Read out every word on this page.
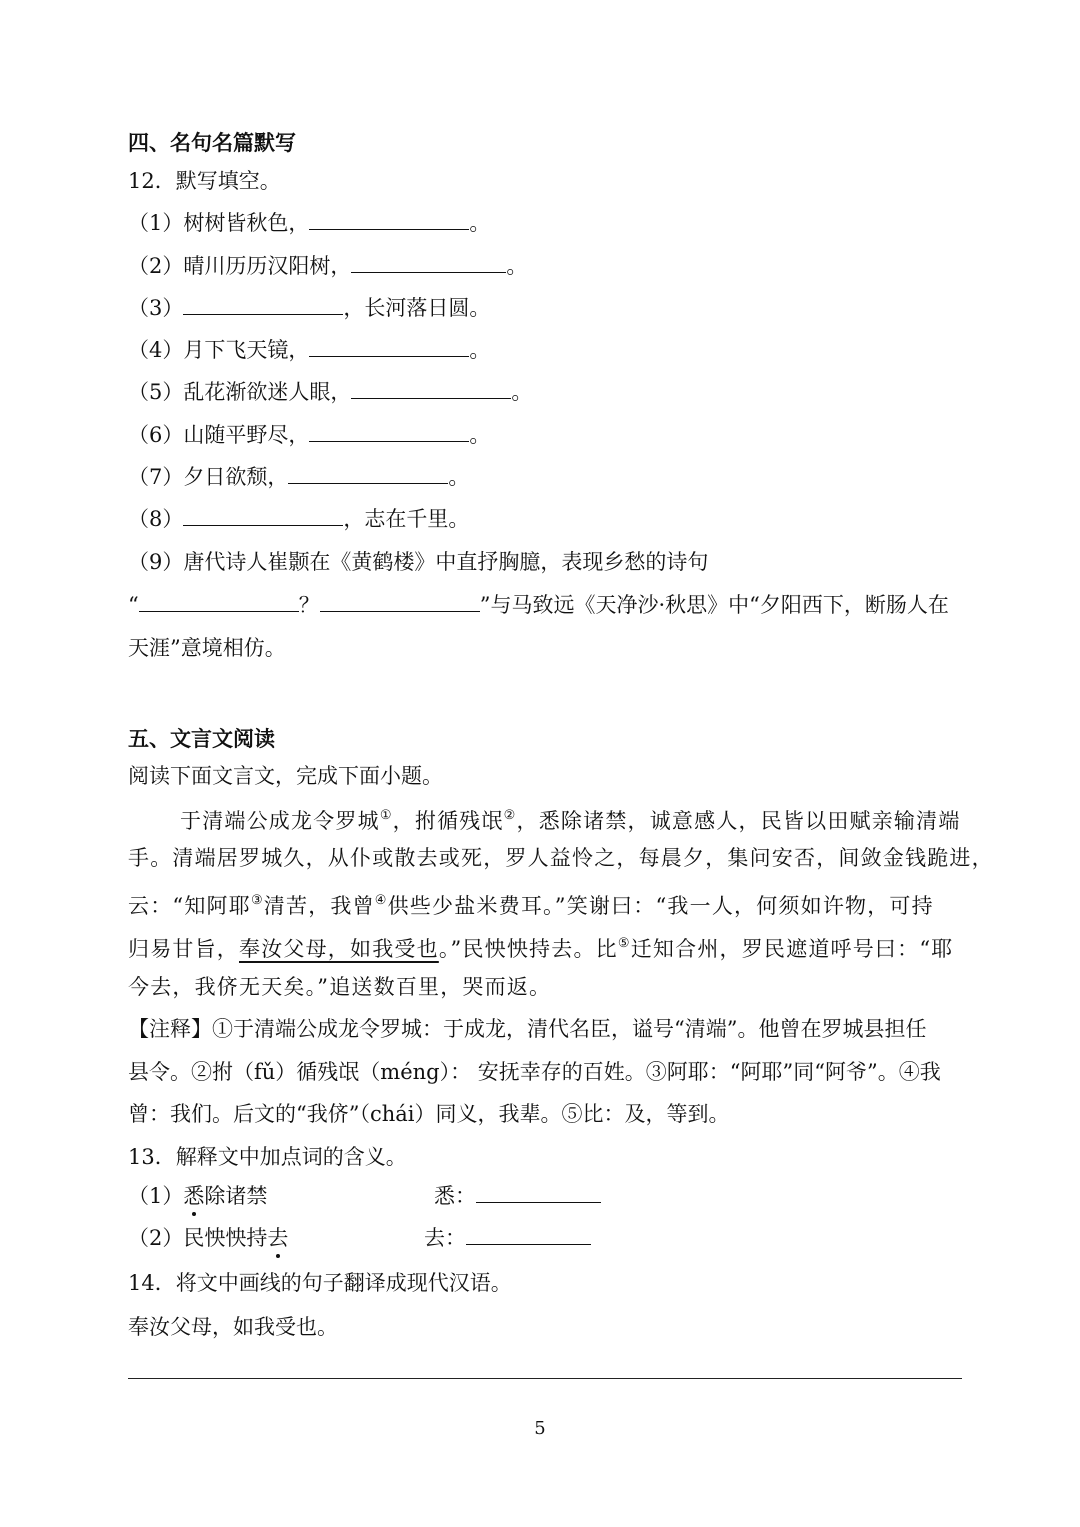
四、名句名篇默写
12．默写填空。
（1）树树皆秋色，	。
（2）晴川历历汉阳树，	。
（3）	，长河落日圆。
（4）月下飞天镜，	。
（5）乱花渐欲迷人眼，	。
（6）山随平野尽，	。
（7）夕日欲颓，	。
（8）	，志在千里。
（9）唐代诗人崔颢在《黄鹤楼》中直抒胸臆，表现乡愁的诗句
“	？	”与马致远《天净沙·秋思》中“夕阳西下，断肠人在
天涯”意境相仿。
五、文言文阅读
阅读下面文言文，完成下面小题。
于清端公成龙令罗城①，拊循残氓②，悉除诸禁，诚意感人，民皆以田赋亲输清端
手。清端居罗城久，从仆或散去或死，罗人益怜之，每晨夕，集问安否，间敛金钱跪进，
云：“知阿耶③清苦，我曾④供些少盐米费耳。”笑谢曰：“我一人，何须如许物，可持
归易甘旨，奉汝父母，如我受也。”民怏怏持去。比⑤迁知合州，罗民遮道呼号曰：“耶
今去，我侪无天矣。”追送数百里，哭而返。
【注释】①于清端公成龙令罗城：于成龙，清代名臣，谥号“清端”。他曾在罗城县担任
县令。②拊（fǔ）循残氓（méng）： 安抚幸存的百姓。③阿耶：“阿耶”同“阿爷”。④我
曾：我们。后文的“我侪”（chái）同义，我辈。⑤比：及，等到。
13．解释文中加点词的含义。
（1）悉除诸禁	悉：
（2）民怏怏持去	去：
14．将文中画线的句子翻译成现代汉语。
奉汝父母，如我受也。
5
